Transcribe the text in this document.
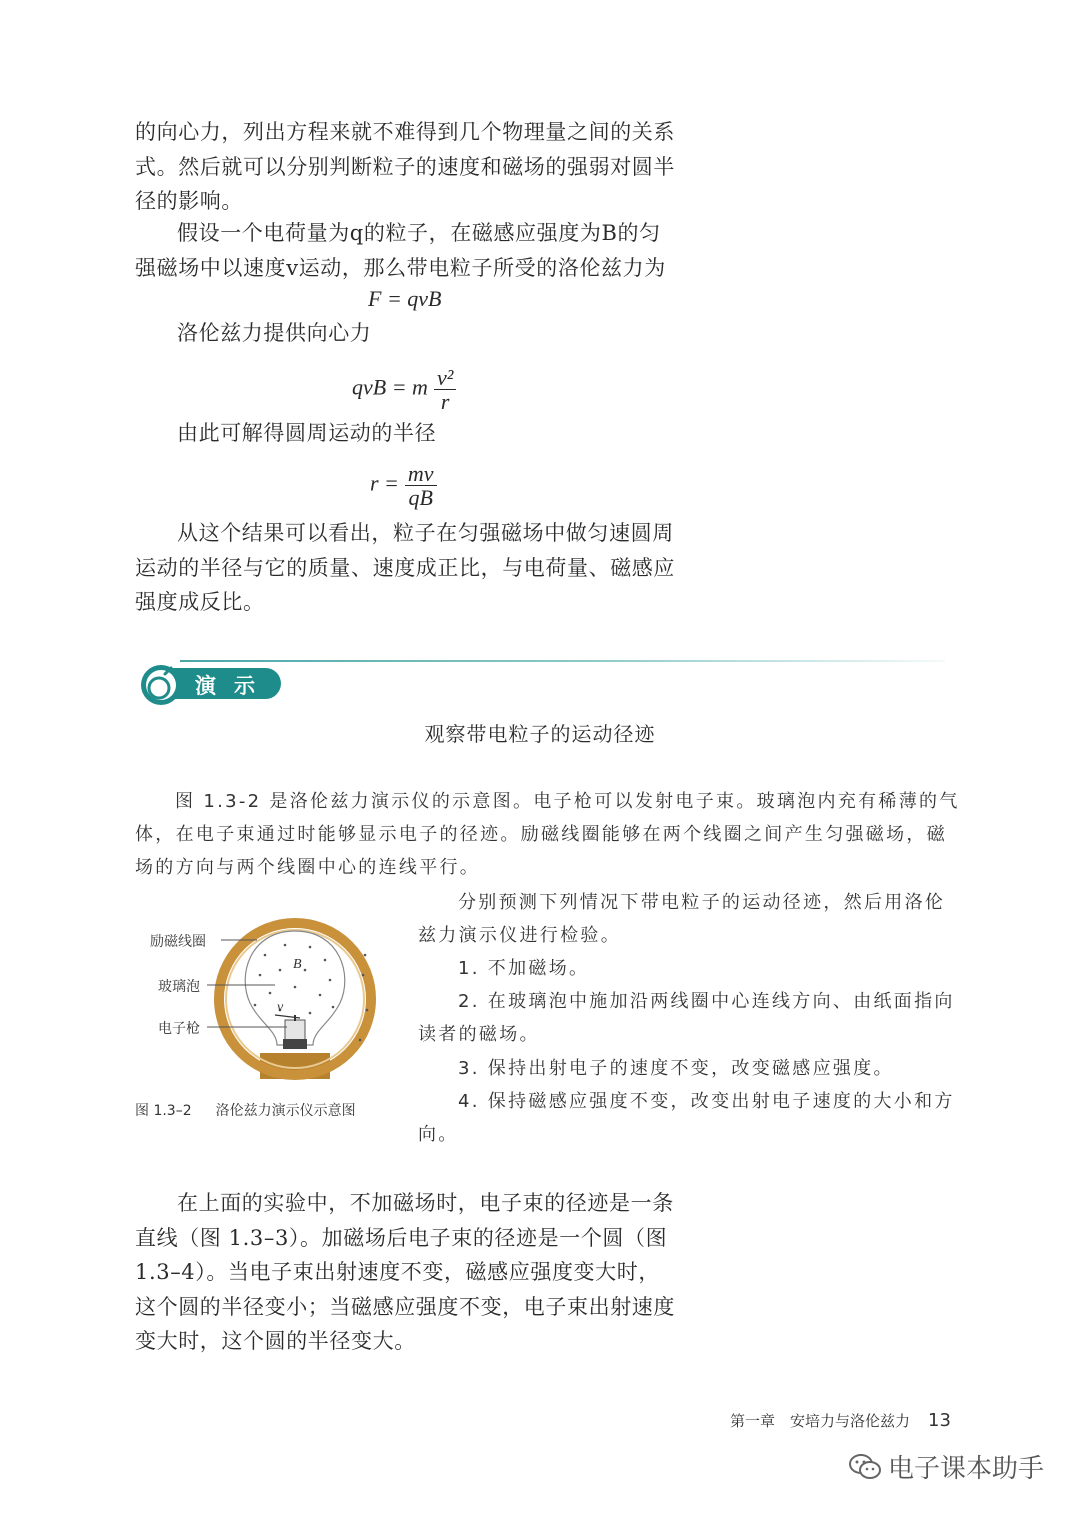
的向心力，列出方程来就不难得到几个物理量之间的关系式。然后就可以分别判断粒子的速度和磁场的强弱对圆半径的影响。

假设一个电荷量为q的粒子，在磁感应强度为B的匀强磁场中以速度v运动，那么带电粒子所受的洛伦兹力为

F = qvB

洛伦兹力提供向心力

qvB = m $\frac{\text{v²}}{r}$

由此可解得圆周运动的半径

$r = \frac{mv}{qB}$

从这个结果可以看出，粒子在匀强磁场中做匀速圆周运动的半径与它的质量、速度成正比，与电荷量、磁感应强度成反比。

演示
观察带电粒子的运动径迹

图 1.3-2 是洛伦兹力演示仪的示意图。电子枪可以发射电子束。玻璃泡内充有稀薄的气体，在电子束通过时能够显示电子的径迹。励磁线圈能够在两个线圈之间产生匀强磁场，磁场的方向与两个线圈中心的连线平行。

B
v
励磁线圈
玻璃泡
电子枪
图 1.3–2 洛伦兹力演示仪示意图

分别预测下列情况下带电粒子的运动径迹，然后用洛伦兹力演示仪进行检验。

1. 不加磁场。

2. 在玻璃泡中施加沿两线圈中心连线方向、由纸面指向读者的磁场。

3. 保持出射电子的速度不变，改变磁感应强度。

4. 保持磁感应强度不变，改变出射电子速度的大小和方向。

在上面的实验中，不加磁场时，电子束的径迹是一条直线（图 1.3–3）。加磁场后电子束的径迹是一个圆（图 1.3–4）。当电子束出射速度不变，磁感应强度变大时，这个圆的半径变小；当磁感应强度不变，电子束出射速度变大时，这个圆的半径变大。

第一章　安培力与洛伦兹力 13
电子课本助手
